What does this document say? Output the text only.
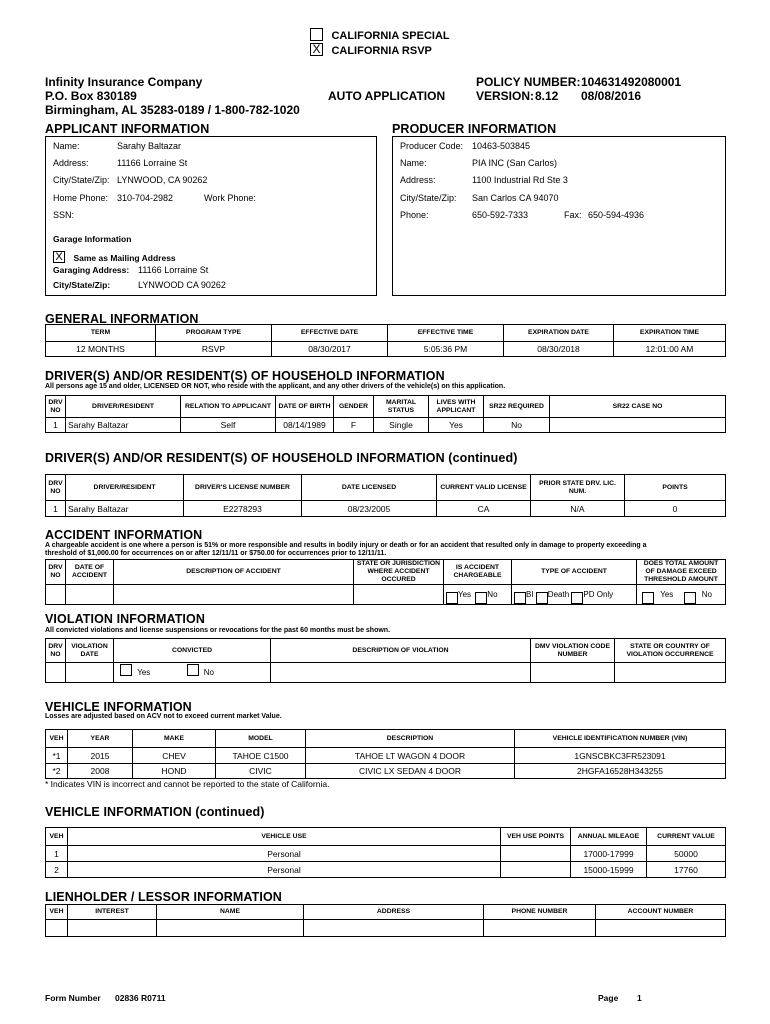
CALIFORNIA SPECIAL
X CALIFORNIA RSVP
Infinity Insurance Company
P.O. Box 830189
Birmingham, AL 35283-0189 / 1-800-782-1020
AUTO APPLICATION
POLICY NUMBER: 104631492080001
VERSION: 8.12 08/08/2016
APPLICANT INFORMATION
Name:	Sarahy Baltazar
Address:	11166 Lorraine St
City/State/Zip: LYNWOOD, CA 90262
Home Phone: 310-704-2982	Work Phone:
SSN:
Garage Information
X Same as Mailing Address
Garaging Address: 11166 Lorraine St
City/State/Zip:	LYNWOOD CA 90262
PRODUCER INFORMATION
Producer Code: 10463-503845
Name:	PIA INC (San Carlos)
Address:	1100 Industrial Rd Ste 3
City/State/Zip: San Carlos CA 94070
Phone:	650-592-7333	Fax: 650-594-4936
GENERAL INFORMATION
TERM	PROGRAM TYPE	EFFECTIVE DATE	EFFECTIVE TIME	EXPIRATION DATE	EXPIRATION TIME
12 MONTHS	RSVP	08/30/2017	5:05:36 PM	08/30/2018	12:01:00 AM
DRIVER(S) AND/OR RESIDENT(S) OF HOUSEHOLD INFORMATION
All persons age 15 and older, LICENSED OR NOT, who reside with the applicant, and any other drivers of the vehicle(s) on this application.
DRV NO	DRIVER/RESIDENT	RELATION TO APPLICANT	DATE OF BIRTH	GENDER	MARITAL STATUS	LIVES WITH APPLICANT	SR22 REQUIRED	SR22 CASE NO
1	Sarahy Baltazar	Self	08/14/1989	F	Single	Yes	No	
DRIVER(S) AND/OR RESIDENT(S) OF HOUSEHOLD INFORMATION (continued)
DRV NO	DRIVER/RESIDENT	DRIVER'S LICENSE NUMBER	DATE LICENSED	CURRENT VALID LICENSE	PRIOR STATE DRV. LIC. NUM.	POINTS
1	Sarahy Baltazar	E2278293	08/23/2005	CA	N/A	0
ACCIDENT INFORMATION
A chargeable accident is one where a person is 51% or more responsible and results in bodily injury or death or for an accident that resulted only in damage to property exceeding a
threshold of $1,000.00 for occurrences on or after 12/11/11 or $750.00 for occurrences prior to 12/11/11.
DRV NO	DATE OF ACCIDENT	DESCRIPTION OF ACCIDENT	STATE OR JURISDICTION WHERE ACCIDENT OCCURED	IS ACCIDENT CHARGEABLE	TYPE OF ACCIDENT	DOES TOTAL AMOUNT OF DAMAGE EXCEED THRESHOLD AMOUNT
				Yes No	BI Death PD Only	Yes No
VIOLATION INFORMATION
All convicted violations and license suspensions or revocations for the past 60 months must be shown.
DRV NO	VIOLATION DATE	CONVICTED	DESCRIPTION OF VIOLATION	DMV VIOLATION CODE NUMBER	STATE OR COUNTRY OF VIOLATION OCCURRENCE
		Yes No			
VEHICLE INFORMATION
Losses are adjusted based on ACV not to exceed current market Value.
VEH	YEAR	MAKE	MODEL	DESCRIPTION	VEHICLE IDENTIFICATION NUMBER (VIN)
*1	2015	CHEV	TAHOE C1500	TAHOE LT WAGON 4 DOOR	1GNSCBKC3FR523091
*2	2008	HOND	CIVIC	CIVIC LX SEDAN 4 DOOR	2HGFA16528H343255
* Indicates VIN is incorrect and cannot be reported to the state of California.
VEHICLE INFORMATION (continued)
VEH	VEHICLE USE	VEH USE POINTS	ANNUAL MILEAGE	CURRENT VALUE
1	Personal		17000-17999	50000
2	Personal		15000-15999	17760
LIENHOLDER / LESSOR INFORMATION
VEH	INTEREST	NAME	ADDRESS	PHONE NUMBER	ACCOUNT NUMBER

Form Number 02836 R0711	Page 1
